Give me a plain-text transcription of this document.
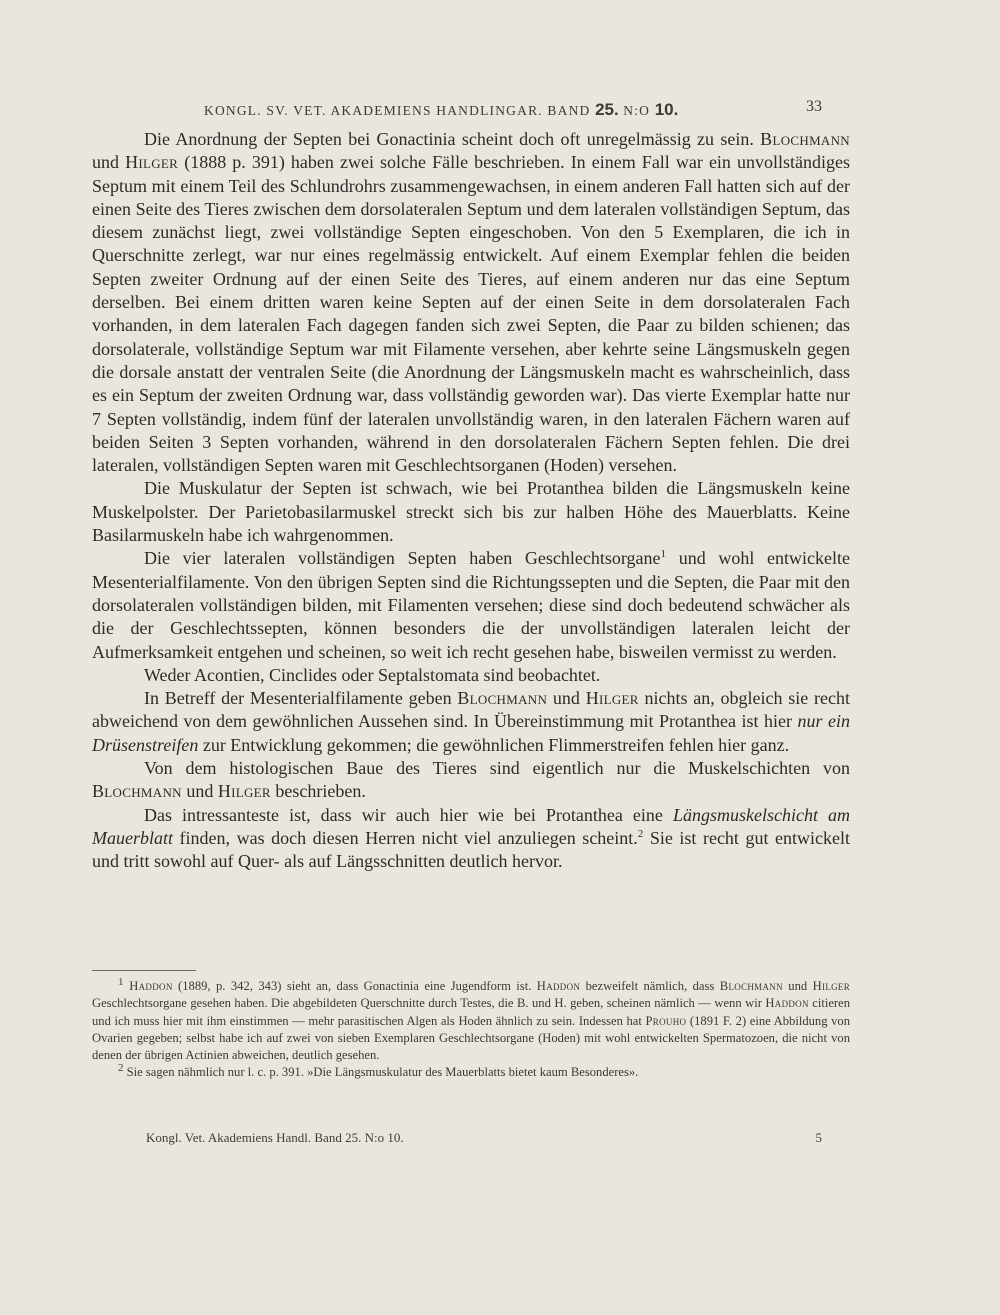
KONGL. SV. VET. AKADEMIENS HANDLINGAR. BAND 25. N:O 10.	33

Die Anordnung der Septen bei Gonactinia scheint doch oft unregelmässig zu sein. Blochmann und Hilger (1888 p. 391) haben zwei solche Fälle beschrieben. In einem Fall war ein unvollständiges Septum mit einem Teil des Schlundrohrs zusammengewachsen, in einem anderen Fall hatten sich auf der einen Seite des Tieres zwischen dem dorsolateralen Septum und dem lateralen vollständigen Septum, das diesem zunächst liegt, zwei vollständige Septen eingeschoben. Von den 5 Exemplaren, die ich in Querschnitte zerlegt, war nur eines regelmässig entwickelt. Auf einem Exemplar fehlen die beiden Septen zweiter Ordnung auf der einen Seite des Tieres, auf einem anderen nur das eine Septum derselben. Bei einem dritten waren keine Septen auf der einen Seite in dem dorsolateralen Fach vorhanden, in dem lateralen Fach dagegen fanden sich zwei Septen, die Paar zu bilden schienen; das dorsolaterale, vollständige Septum war mit Filamente versehen, aber kehrte seine Längsmuskeln gegen die dorsale anstatt der ventralen Seite (die Anordnung der Längsmuskeln macht es wahrscheinlich, dass es ein Septum der zweiten Ordnung war, dass vollständig geworden war). Das vierte Exemplar hatte nur 7 Septen vollständig, indem fünf der lateralen unvollständig waren, in den lateralen Fächern waren auf beiden Seiten 3 Septen vorhanden, während in den dorsolateralen Fächern Septen fehlen. Die drei lateralen, vollständigen Septen waren mit Geschlechtsorganen (Hoden) versehen.

Die Muskulatur der Septen ist schwach, wie bei Protanthea bilden die Längsmuskeln keine Muskelpolster. Der Parietobasilarmuskel streckt sich bis zur halben Höhe des Mauerblatts. Keine Basilarmuskeln habe ich wahrgenommen.

Die vier lateralen vollständigen Septen haben Geschlechtsorgane$^1$ und wohl entwickelte Mesenterialfilamente. Von den übrigen Septen sind die Richtungssepten und die Septen, die Paar mit den dorsolateralen vollständigen bilden, mit Filamenten versehen; diese sind doch bedeutend schwächer als die der Geschlechtssepten, können besonders die der unvollständigen lateralen leicht der Aufmerksamkeit entgehen und scheinen, so weit ich recht gesehen habe, bisweilen vermisst zu werden.

Weder Acontien, Cinclides oder Septalstomata sind beobachtet.

In Betreff der Mesenterialfilamente geben Blochmann und Hilger nichts an, obgleich sie recht abweichend von dem gewöhnlichen Aussehen sind. In Übereinstimmung mit Protanthea ist hier nur ein Drüsenstreifen zur Entwicklung gekommen; die gewöhnlichen Flimmerstreifen fehlen hier ganz.

Von dem histologischen Baue des Tieres sind eigentlich nur die Muskelschichten von Blochmann und Hilger beschrieben.

Das intressanteste ist, dass wir auch hier wie bei Protanthea eine Längsmuskelschicht am Mauerblatt finden, was doch diesen Herren nicht viel anzuliegen scheint.$^2$ Sie ist recht gut entwickelt und tritt sowohl auf Quer- als auf Längsschnitten deutlich hervor.

1 Haddon (1889, p. 342, 343) sieht an, dass Gonactinia eine Jugendform ist. Haddon bezweifelt nämlich, dass Blochmann und Hilger Geschlechtsorgane gesehen haben. Die abgebildeten Querschnitte durch Testes, die B. und H. geben, scheinen nämlich — wenn wir Haddon citieren und ich muss hier mit ihm einstimmen — mehr parasitischen Algen als Hoden ähnlich zu sein. Indessen hat Prouho (1891 F. 2) eine Abbildung von Ovarien gegeben; selbst habe ich auf zwei von sieben Exemplaren Geschlechtsorgane (Hoden) mit wohl entwickelten Spermatozoen, die nicht von denen der übrigen Actinien abweichen, deutlich gesehen.

2 Sie sagen nähmlich nur l. c. p. 391. »Die Längsmuskulatur des Mauerblatts bietet kaum Besonderes».

Kongl. Vet. Akademiens Handl. Band 25. N:o 10.	5
